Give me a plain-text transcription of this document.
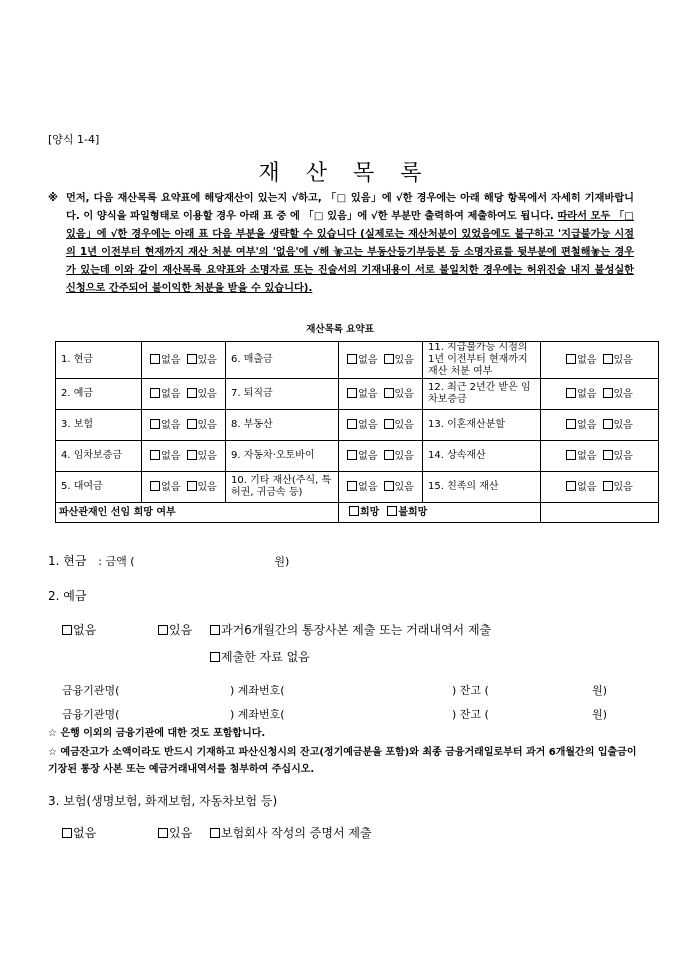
[양식 1-4]
재산목록
※ 먼저, 다음 재산목록 요약표에 해당재산이 있는지 √하고, 「□ 있음」에 √한 경우에는 아래 해당 항목에서 자세히 기재바랍니다. 이 양식을 파일형태로 이용할 경우 아래 표 중 에 「□ 있음」에 √한 부분만 출력하여 제출하여도 됩니다. 따라서 모두 「□ 있음」에 √한 경우에는 아래 표 다음 부분을 생략할 수 있습니다 (실제로는 재산처분이 있었음에도 불구하고 '지급불가능 시점의 1년 이전부터 현재까지 재산 처분 여부'의 '없음'에 √해 놓고는 부동산등기부등본 등 소명자료를 뒷부분에 편철해놓는 경우가 있는데 이와 같이 재산목록 요약표와 소명자료 또는 진술서의 기재내용이 서로 불일치한 경우에는 허위진술 내지 불성실한 신청으로 간주되어 불이익한 처분을 받을 수 있습니다).

재산목록 요약표
1. 현금	없음 있음	6. 매출금	없음 있음	11. 지급불가능 시점의 1년 이전부터 현재까지 재산 처분 여부	없음 있음
2. 예금	없음 있음	7. 퇴직금	없음 있음	12. 최근 2년간 받은 임차보증금	없음 있음
3. 보험	없음 있음	8. 부동산	없음 있음	13. 이혼재산분할	없음 있음
4. 임차보증금	없음 있음	9. 자동차·오토바이	없음 있음	14. 상속재산	없음 있음
5. 대여금	없음 있음	10. 기타 재산(주식, 특허권, 귀금속 등)	없음 있음	15. 친족의 재산	없음 있음
파산관재인 선임 희망 여부			희망 불희망		
1. 현금 : 금액 (	원)
2. 예금
없음	있음	과거6개월간의 통장사본 제출 또는 거래내역서 제출
제출한 자료 없음
금융기관명(	) 계좌번호(	) 잔고 (	원)
금융기관명(	) 계좌번호(	) 잔고 (	원)
☆ 은행 이외의 금융기관에 대한 것도 포함합니다.
☆ 예금잔고가 소액이라도 반드시 기재하고 파산신청시의 잔고(정기예금분을 포함)와 최종 금융거래일로부터 과거 6개월간의 입출금이 기장된 통장 사본 또는 예금거래내역서를 첨부하여 주십시오.
3. 보험(생명보험, 화재보험, 자동차보험 등)
없음	있음	보험회사 작성의 증명서 제출
